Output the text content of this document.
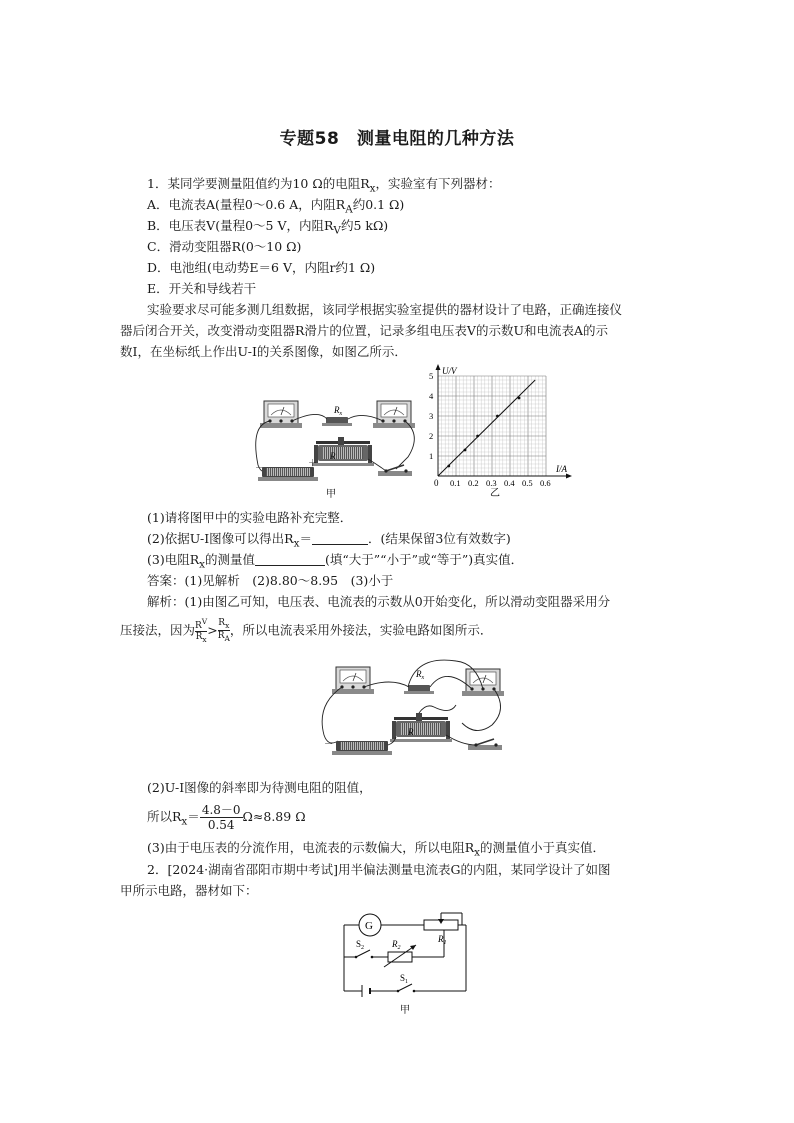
专题58　测量电阻的几种方法
1．某同学要测量阻值约为10 Ω的电阻$R_x$，实验室有下列器材：
A．电流表A(量程0～0.6 A，内阻$R_A$约0.1 Ω)
B．电压表V(量程0～5 V，内阻$R_V$约5 kΩ)
C．滑动变阻器R(0～10 Ω)
D．电池组(电动势E＝6 V，内阻r约1 Ω)
E．开关和导线若干
实验要求尽可能多测几组数据，该同学根据实验室提供的器材设计了电路，正确连接仪
器后闭合开关，改变滑动变阻器R滑片的位置，记录多组电压表V的示数U和电流表A的示
数I，在坐标纸上作出U-I的关系图像，如图乙所示．
$R_x$
R
－	＋
甲
0.1 0.2 0.3 0.4 0.5 0.6
1
2
3
4
5
0
U/V
I/A
乙
(1)请将图甲中的实验电路补充完整．
(2)依据U-I图像可以得出$R_x=$	．(结果保留3位有效数字)
(3)电阻$R_x$的测量值	(填“大于”“小于”或“等于”)真实值．
答案：(1)见解析　(2)8.80～8.95　(3)小于
解析：(1)由图乙可知，电压表、电流表的示数从0开始变化，所以滑动变阻器采用分
压接法，因为 $\frac{R^V}{R_x}> \frac{R_x}{R_A}$，所以电流表采用外接法，实验电路如图所示．
$R_x$
R
－
(2)U-I图像的斜率即为待测电阻的阻值，
所以$R_x= \frac{4.8-0}{0.54} \Omega\approx 8.89$ Ω
(3)由于电压表的分流作用，电流表的示数偏大，所以电阻$R_x$的测量值小于真实值．
2．[2024·湖南省邵阳市期中考试]用半偏法测量电流表G的内阻，某同学设计了如图
甲所示电路，器材如下：
G
$R_1$
$R_2$
$S_2$
$S_1$
甲
